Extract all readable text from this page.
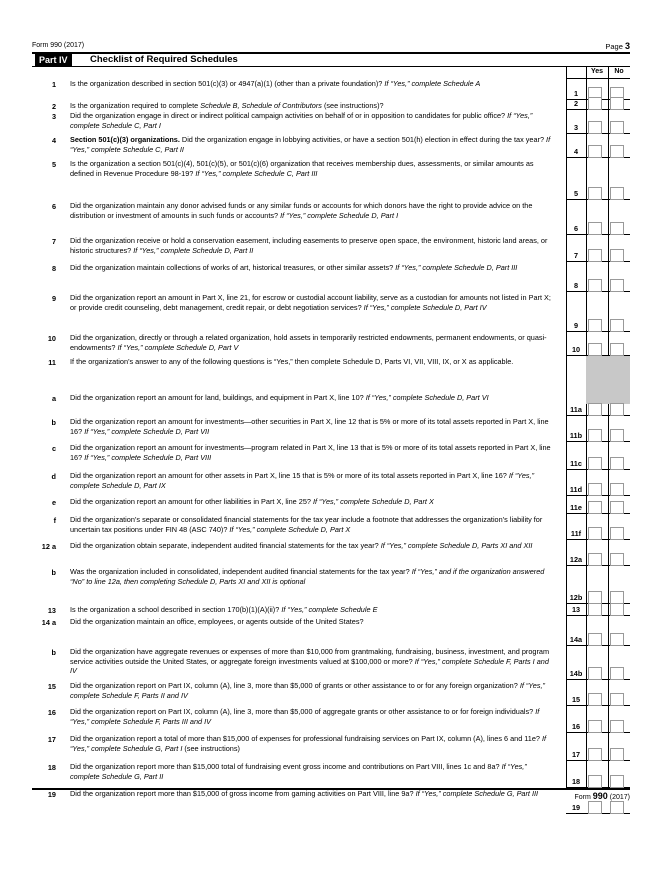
Form 990 (2017)	Page 3
Part IV	Checklist of Required Schedules
Yes	No
1 Is the organization described in section 501(c)(3) or 4947(a)(1) (other than a private foundation)? If “Yes,” complete Schedule A
1
2 Is the organization required to complete Schedule B, Schedule of Contributors (see instructions)?	2
3 Did the organization engage in direct or indirect political campaign activities on behalf of or in opposition to candidates for public office? If “Yes,” complete Schedule C, Part I	3
4 Section 501(c)(3) organizations. Did the organization engage in lobbying activities, or have a section 501(h) election in effect during the tax year? If “Yes,” complete Schedule C, Part II	4
5 Is the organization a section 501(c)(4), 501(c)(5), or 501(c)(6) organization that receives membership dues, assessments, or similar amounts as defined in Revenue Procedure 98-19? If “Yes,” complete Schedule C, Part III
5
6 Did the organization maintain any donor advised funds or any similar funds or accounts for which donors have the right to provide advice on the distribution or investment of amounts in such funds or accounts? If “Yes,” complete Schedule D, Part I
6
7 Did the organization receive or hold a conservation easement, including easements to preserve open space, the environment, historic land areas, or historic structures? If “Yes,” complete Schedule D, Part II
7
8 Did the organization maintain collections of works of art, historical treasures, or other similar assets? If “Yes,” complete Schedule D, Part III
8
9 Did the organization report an amount in Part X, line 21, for escrow or custodial account liability, serve as a custodian for amounts not listed in Part X; or provide credit counseling, debt management, credit repair, or debt negotiation services? If “Yes,” complete Schedule D, Part IV
9
10 Did the organization, directly or through a related organization, hold assets in temporarily restricted endowments, permanent endowments, or quasi-endowments? If “Yes,” complete Schedule D, Part V	10
11 If the organization’s answer to any of the following questions is “Yes,” then complete Schedule D, Parts VI, VII, VIII, IX, or X as applicable.
a Did the organization report an amount for land, buildings, and equipment in Part X, line 10? If “Yes,” complete Schedule D, Part VI
11a
b Did the organization report an amount for investments—other securities in Part X, line 12 that is 5% or more of its total assets reported in Part X, line 16? If “Yes,” complete Schedule D, Part VII	11b
c Did the organization report an amount for investments—program related in Part X, line 13 that is 5% or more of its total assets reported in Part X, line 16? If “Yes,” complete Schedule D, Part VIII
11c
d Did the organization report an amount for other assets in Part X, line 15 that is 5% or more of its total assets reported in Part X, line 16? If “Yes,” complete Schedule D, Part IX	11d
e Did the organization report an amount for other liabilities in Part X, line 25? If “Yes,” complete Schedule D, Part X
11e
f Did the organization’s separate or consolidated financial statements for the tax year include a footnote that addresses the organization’s liability for uncertain tax positions under FIN 48 (ASC 740)? If “Yes,” complete Schedule D, Part X	11f
12 a Did the organization obtain separate, independent audited financial statements for the tax year? If “Yes,” complete Schedule D, Parts XI and XII
12a
b Was the organization included in consolidated, independent audited financial statements for the tax year? If “Yes,” and if the organization answered “No” to line 12a, then completing Schedule D, Parts XI and XII is optional
12b
13 Is the organization a school described in section 170(b)(1)(A)(ii)? If “Yes,” complete Schedule E	13
14 a Did the organization maintain an office, employees, or agents outside of the United States?
14a
b Did the organization have aggregate revenues or expenses of more than $10,000 from grantmaking, fundraising, business, investment, and program service activities outside the United States, or aggregate foreign investments valued at $100,000 or more? If “Yes,” complete Schedule F, Parts I and IV	14b
15 Did the organization report on Part IX, column (A), line 3, more than $5,000 of grants or other assistance to or for any foreign organization? If “Yes,” complete Schedule F, Parts II and IV	15
16 Did the organization report on Part IX, column (A), line 3, more than $5,000 of aggregate grants or other assistance to or for foreign individuals? If “Yes,” complete Schedule F, Parts III and IV
16
17 Did the organization report a total of more than $15,000 of expenses for professional fundraising services on Part IX, column (A), lines 6 and 11e? If “Yes,” complete Schedule G, Part I (see instructions)
17
18 Did the organization report more than $15,000 total of fundraising event gross income and contributions on Part VIII, lines 1c and 8a? If “Yes,” complete Schedule G, Part II
18
19 Did the organization report more than $15,000 of gross income from gaming activities on Part VIII, line 9a? If “Yes,” complete Schedule G, Part III
19
Form 990 (2017)
